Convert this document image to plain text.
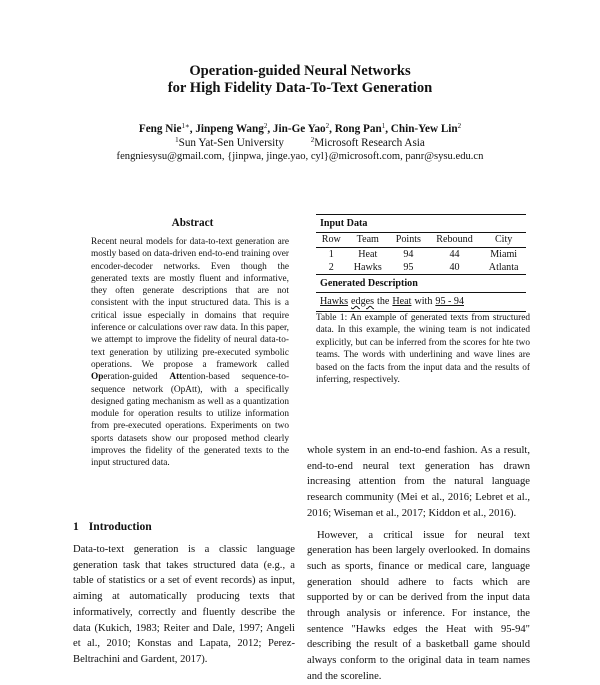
Operation-guided Neural Networks
for High Fidelity Data-To-Text Generation
Feng Nie$^{1∗}$, Jinpeng Wang$^2$, Jin-Ge Yao$^2$, Rong Pan$^1$, Chin-Yew Lin$^2$
$^1$Sun Yat-Sen University	$^2$Microsoft Research Asia
fengniesysu@gmail.com, {jinpwa, jinge.yao, cyl}@microsoft.com, panr@sysu.edu.cn
Abstract

Recent neural models for data-to-text generation are mostly based on data-driven end-to-end training over encoder-decoder networks. Even though the generated texts are mostly fluent and informative, they often generate descriptions that are not consistent with the input structured data. This is a critical issue especially in domains that require inference or calculations over raw data. In this paper, we attempt to improve the fidelity of neural data-to-text generation by utilizing pre-executed symbolic operations. We propose a framework called Operation-guided Attention-based sequence-to-sequence network (OpAtt), with a specifically designed gating mechanism as well as a quantization module for operation results to utilize information from pre-executed operations. Experiments on two sports datasets show our proposed method clearly improves the fidelity of the generated texts to the input structured data.

1 Introduction

Data-to-text generation is a classic language generation task that takes structured data (e.g., a table of statistics or a set of event records) as input, aiming at automatically producing texts that informatively, correctly and fluently describe the data (Kukich, 1983; Reiter and Dale, 1997; Angeli et al., 2010; Konstas and Lapata, 2012; Perez-Beltrachini and Gardent, 2017).

Input Data
Row	Team	Points	Rebound	City
1	Heat	94	44	Miami
2	Hawks	95	40	Atlanta
Generated Description
Hawks edges the Heat with 95 - 94

Table 1: An example of generated texts from structured data. In this example, the wining team is not indicated explicitly, but can be inferred from the scores for hte two teams. The words with underlining and wave lines are based on the facts from the input data and the results of inferring, respectively.

whole system in an end-to-end fashion. As a result, end-to-end neural text generation has drawn increasing attention from the natural language research community (Mei et al., 2016; Lebret et al., 2016; Wiseman et al., 2017; Kiddon et al., 2016).

However, a critical issue for neural text generation has been largely overlooked. In domains such as sports, finance or medical care, language generation should adhere to facts which are supported by or can be derived from the input data through analysis or inference. For instance, the sentence "Hawks edges the Heat with 95-94" describing the result of a basketball game should always conform to the original data in team names and the scoreline.
